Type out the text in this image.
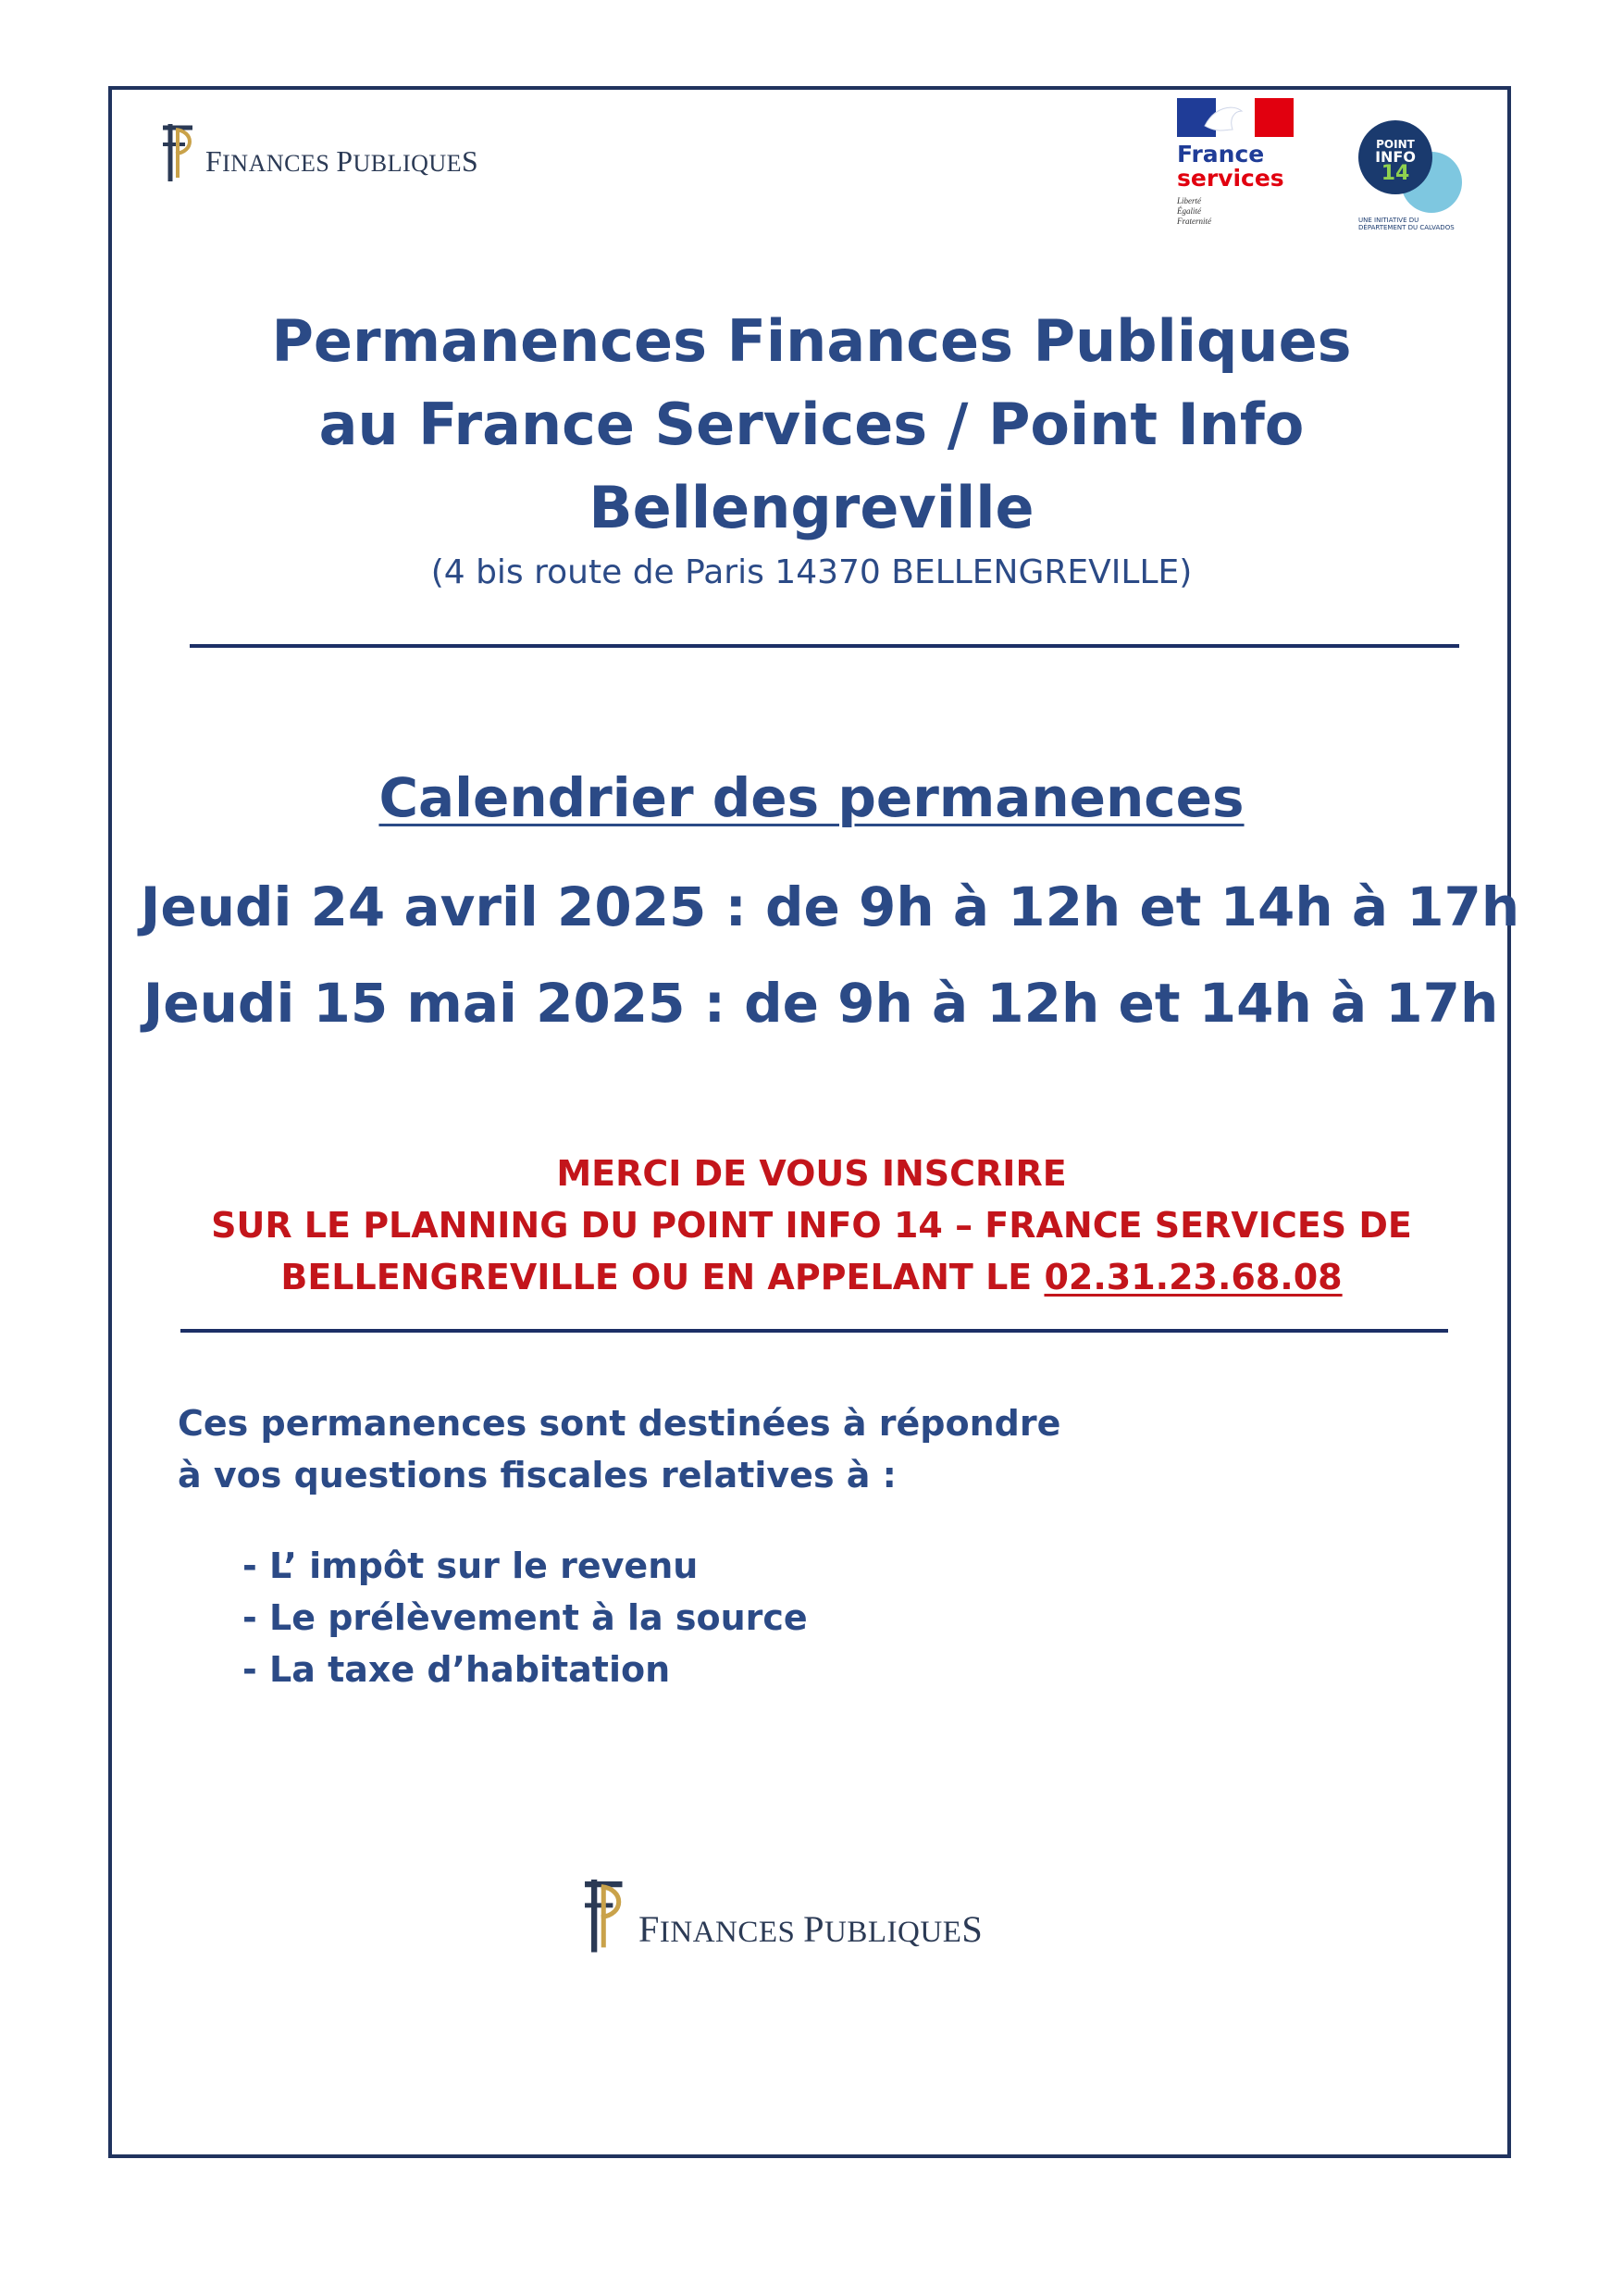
FINANCES PUBLIQUES	France
services
Liberté
Égalité
Fraternité
POINT
INFO
14
UNE INITIATIVE DU DÉPARTEMENT DU CALVADOS
Permanences Finances Publiques
au France Services / Point Info
Bellengreville
(4 bis route de Paris 14370 BELLENGREVILLE)
Calendrier des permanences
Jeudi 24 avril 2025 : de 9h à 12h et 14h à 17h
Jeudi 15 mai 2025 : de 9h à 12h et 14h à 17h
MERCI DE VOUS INSCRIRE
SUR LE PLANNING DU POINT INFO 14 – FRANCE SERVICES DE
BELLENGREVILLE OU EN APPELANT LE 02.31.23.68.08
Ces permanences sont destinées à répondre
à vos questions fiscales relatives à :
- L’ impôt sur le revenu
- Le prélèvement à la source
- La taxe d’habitation
FINANCES PUBLIQUES
